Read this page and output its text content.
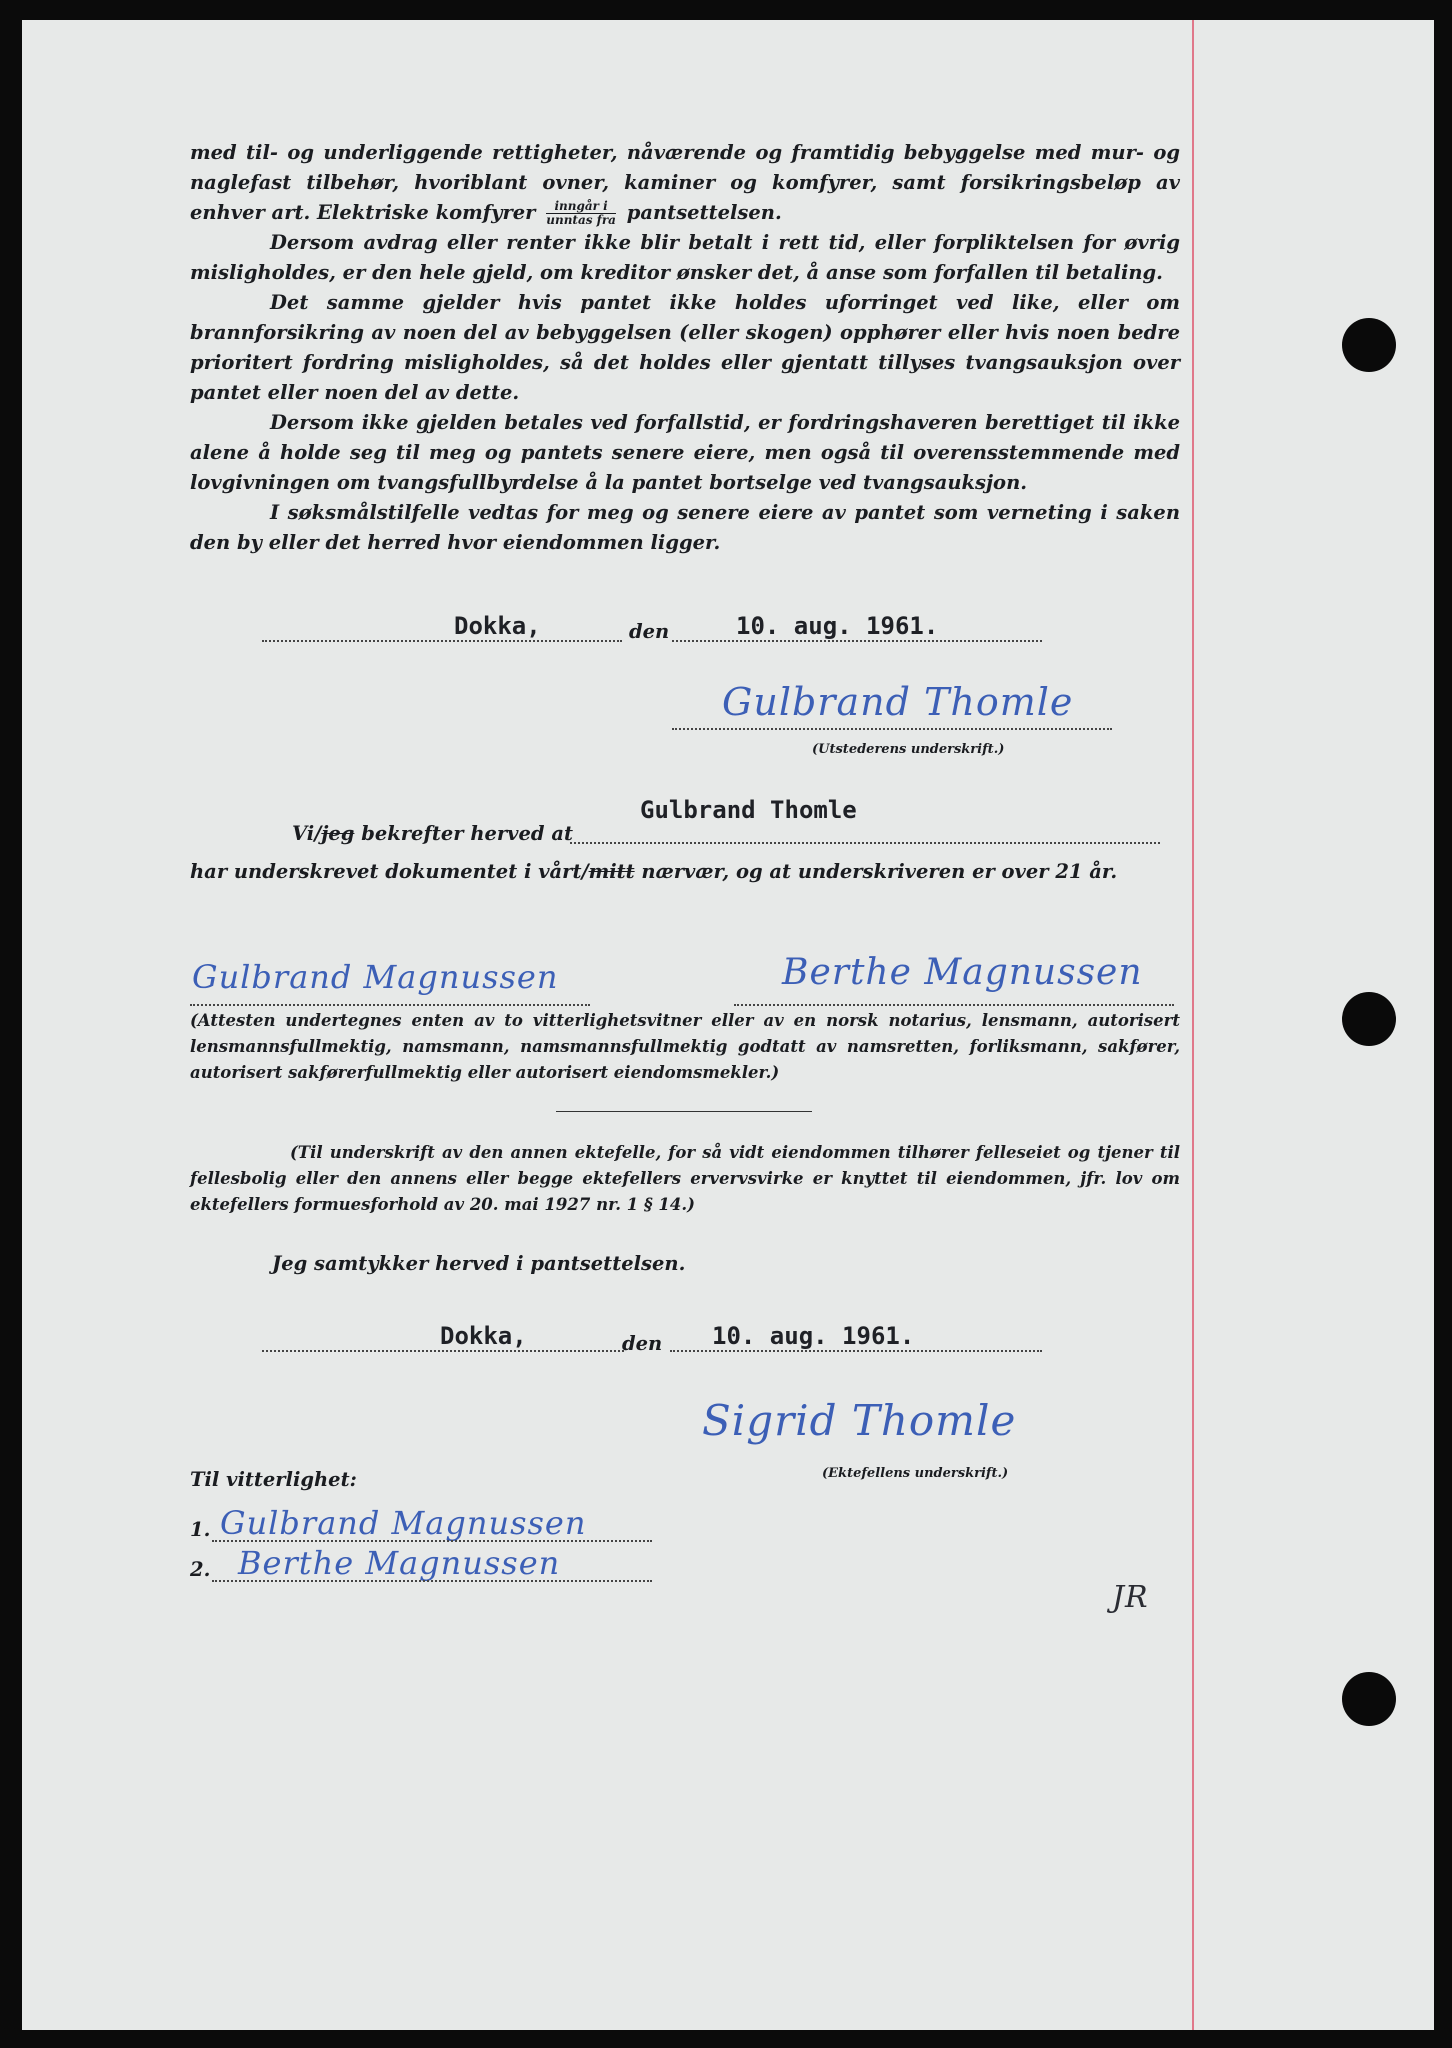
med til- og underliggende rettigheter, nåværende og framtidig bebyggelse med mur- og naglefast tilbehør, hvoriblant ovner, kaminer og komfyrer, samt forsikringsbeløp av enhver art. Elektriske komfyrer $\frac{\text{inngår i}}{\text{unntas fra}}$ pantsettelsen.

Dersom avdrag eller renter ikke blir betalt i rett tid, eller forpliktelsen for øvrig misligholdes, er den hele gjeld, om kreditor ønsker det, å anse som forfallen til betaling.

Det samme gjelder hvis pantet ikke holdes uforringet ved like, eller om brannforsikring av noen del av bebyggelsen (eller skogen) opphører eller hvis noen bedre prioritert fordring misligholdes, så det holdes eller gjentatt tillyses tvangsauksjon over pantet eller noen del av dette.

Dersom ikke gjelden betales ved forfallstid, er fordringshaveren berettiget til ikke alene å holde seg til meg og pantets senere eiere, men også til overensstemmende med lovgivningen om tvangsfullbyrdelse å la pantet bortselge ved tvangsauksjon.

I søksmålstilfelle vedtas for meg og senere eiere av pantet som verneting i saken den by eller det herred hvor eiendommen ligger.

Dokka,	den	10. aug. 1961.
Gulbrand Thomle
(Utstederens underskrift.)
Gulbrand Thomle
Vi/jeg bekrefter herved at
har underskrevet dokumentet i vårt/mitt nærvær, og at underskriveren er over 21 år.
Gulbrand Magnussen	Berthe Magnussen
(Attesten undertegnes enten av to vitterlighetsvitner eller av en norsk notarius, lensmann, autorisert lensmannsfullmektig, namsmann, namsmannsfullmektig godtatt av namsretten, forliksmann, sakfører, autorisert sakførerfullmektig eller autorisert eiendomsmekler.)
(Til underskrift av den annen ektefelle, for så vidt eiendommen tilhører felleseiet og tjener til fellesbolig eller den annens eller begge ektefellers ervervsvirke er knyttet til eiendommen, jfr. lov om ektefellers formuesforhold av 20. mai 1927 nr. 1 § 14.)
Jeg samtykker herved i pantsettelsen.
Dokka,	den 10. aug. 1961.
Sigrid Thomle
(Ektefellens underskrift.)
Til vitterlighet:
1. Gulbrand Magnussen
2. Berthe Magnussen
JR
